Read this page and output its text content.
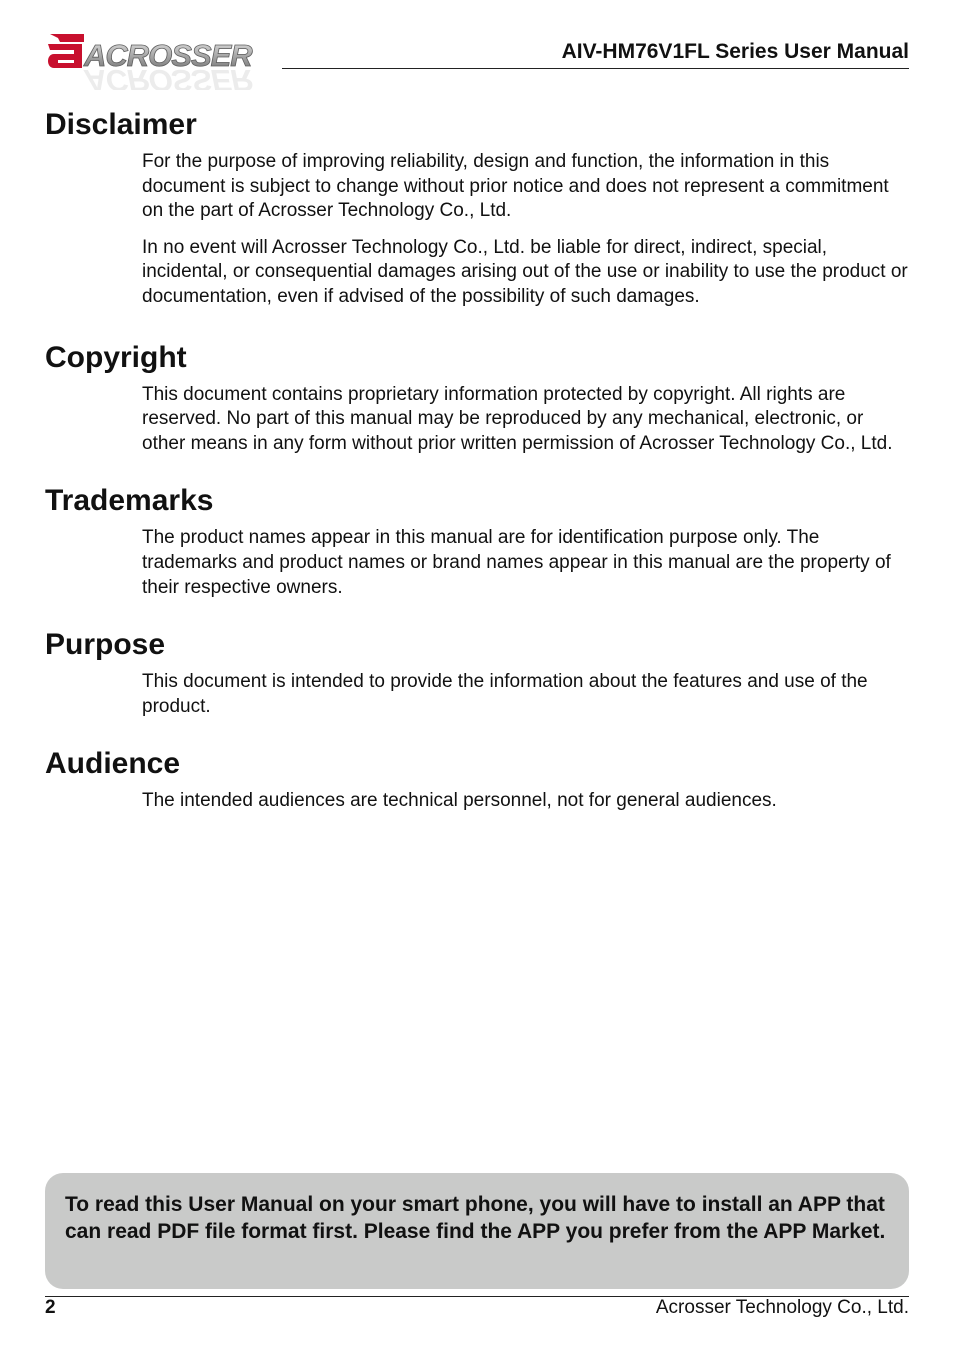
ACROSSER
ACROSSER
AIV-HM76V1FL Series User Manual
Disclaimer

For the purpose of improving reliability, design and function, the information in this document is subject to change without prior notice and does not represent a commitment on the part of Acrosser Technology Co., Ltd.

In no event will Acrosser Technology Co., Ltd. be liable for direct, indirect, special, incidental, or consequential damages arising out of the use or inability to use the product or documentation, even if advised of the possibility of such damages.

Copyright

This document contains proprietary information protected by copyright. All rights are reserved. No part of this manual may be reproduced by any mechanical, electronic, or other means in any form without prior written permission of Acrosser Technology Co., Ltd.

Trademarks

The product names appear in this manual are for identification purpose only. The trademarks and product names or brand names appear in this manual are the property of their respective owners.

Purpose

This document is intended to provide the information about the features and use of the product.

Audience

The intended audiences are technical personnel, not for general audiences.

To read this User Manual on your smart phone, you will have to install an APP that can read PDF file format first. Please find the APP you prefer from the APP Market.

2	Acrosser Technology Co., Ltd.
